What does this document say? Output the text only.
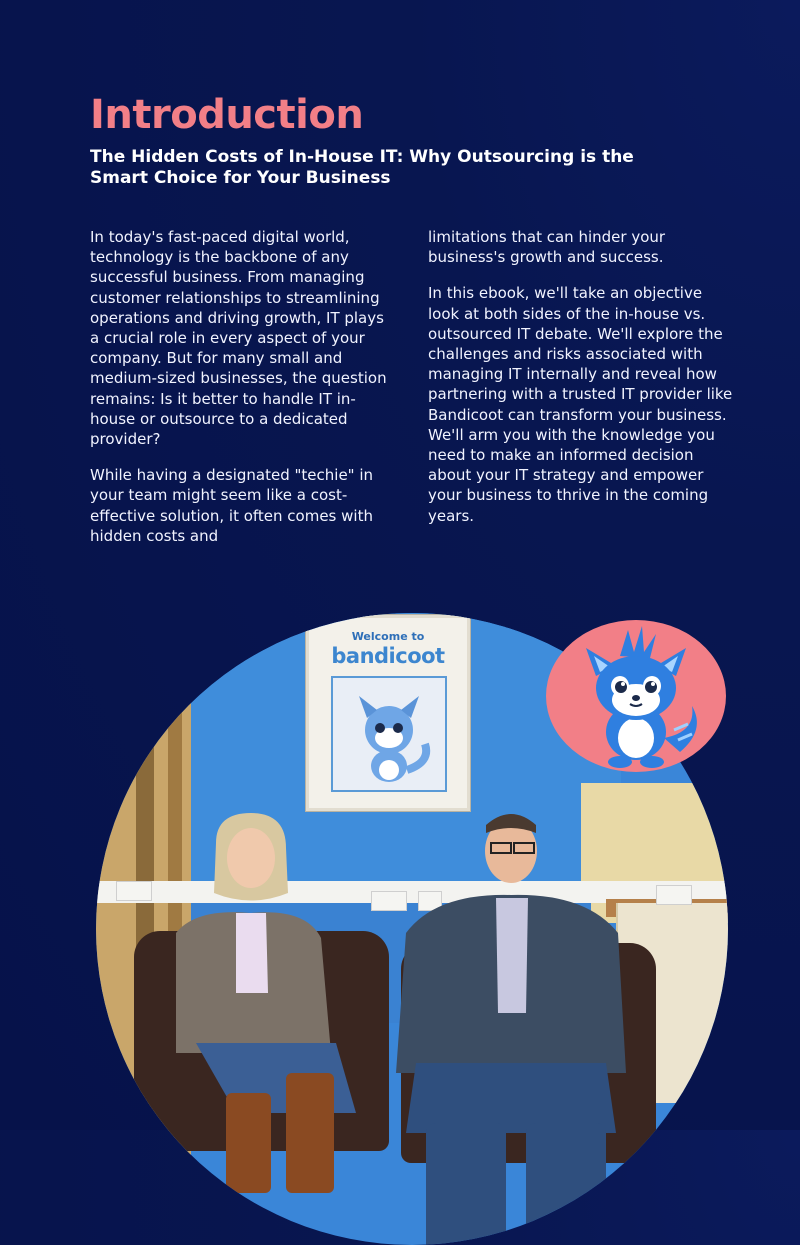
Introduction
The Hidden Costs of In-House IT: Why Outsourcing is the Smart Choice for Your Business

In today's fast-paced digital world, technology is the backbone of any successful business. From managing customer relationships to streamlining operations and driving growth, IT plays a crucial role in every aspect of your company. But for many small and medium-sized businesses, the question remains: Is it better to handle IT in-house or outsource to a dedicated provider?

While having a designated "techie" in your team might seem like a cost-effective solution, it often comes with hidden costs and

limitations that can hinder your business's growth and success.

In this ebook, we'll take an objective look at both sides of the in-house vs. outsourced IT debate. We'll explore the challenges and risks associated with managing IT internally and reveal how partnering with a trusted IT provider like Bandicoot can transform your business. We'll arm you with the knowledge you need to make an informed decision about your IT strategy and empower your business to thrive in the coming years.

Welcome to
bandicoot
